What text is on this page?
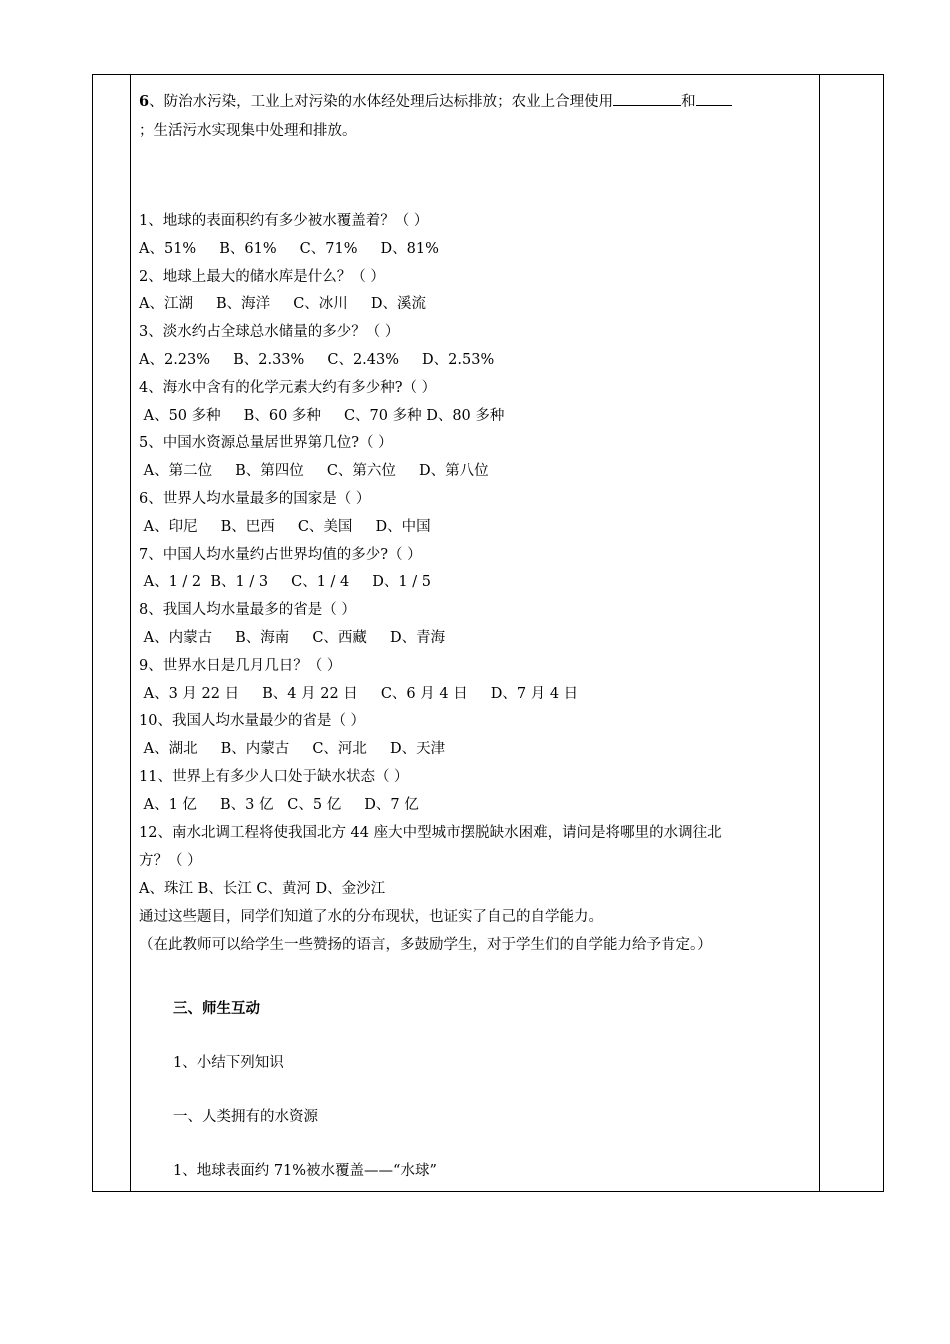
6、防治水污染，工业上对污染的水体经处理后达标排放；农业上合理使用	和
；生活污水实现集中处理和排放。
1、地球的表面积约有多少被水覆盖着？（ ）
A、51%     B、61%     C、71%     D、81%
2、地球上最大的储水库是什么？（ ）
A、江湖     B、海洋     C、冰川     D、溪流
3、淡水约占全球总水储量的多少？（ ）
A、2.23%     B、2.33%     C、2.43%     D、2.53%
4、海水中含有的化学元素大约有多少种?（ ）
A、50 多种     B、60 多种     C、70 多种 D、80 多种
5、中国水资源总量居世界第几位?（ ）
A、第二位     B、第四位     C、第六位     D、第八位
6、世界人均水量最多的国家是（ ）
A、印尼     B、巴西     C、美国     D、中国
7、中国人均水量约占世界均值的多少?（ ）
A、1 / 2  B、1 / 3     C、1 / 4     D、1 / 5
8、我国人均水量最多的省是（ ）
A、内蒙古     B、海南     C、西藏     D、青海
9、世界水日是几月几日？（ ）
A、3 月 22 日     B、4 月 22 日     C、6 月 4 日     D、7 月 4 日
10、我国人均水量最少的省是（ ）
A、湖北     B、内蒙古     C、河北     D、天津
11、世界上有多少人口处于缺水状态（ ）
A、1 亿     B、3 亿   C、5 亿     D、7 亿
12、南水北调工程将使我国北方 44 座大中型城市摆脱缺水困难，请问是将哪里的水调往北
方？（ ）
A、珠江 B、长江 C、黄河 D、金沙江
通过这些题目，同学们知道了水的分布现状，也证实了自己的自学能力。
（在此教师可以给学生一些赞扬的语言，多鼓励学生，对于学生们的自学能力给予肯定。）
三、师生互动
1、小结下列知识
一、人类拥有的水资源
1、地球表面约 71%被水覆盖——“水球”
